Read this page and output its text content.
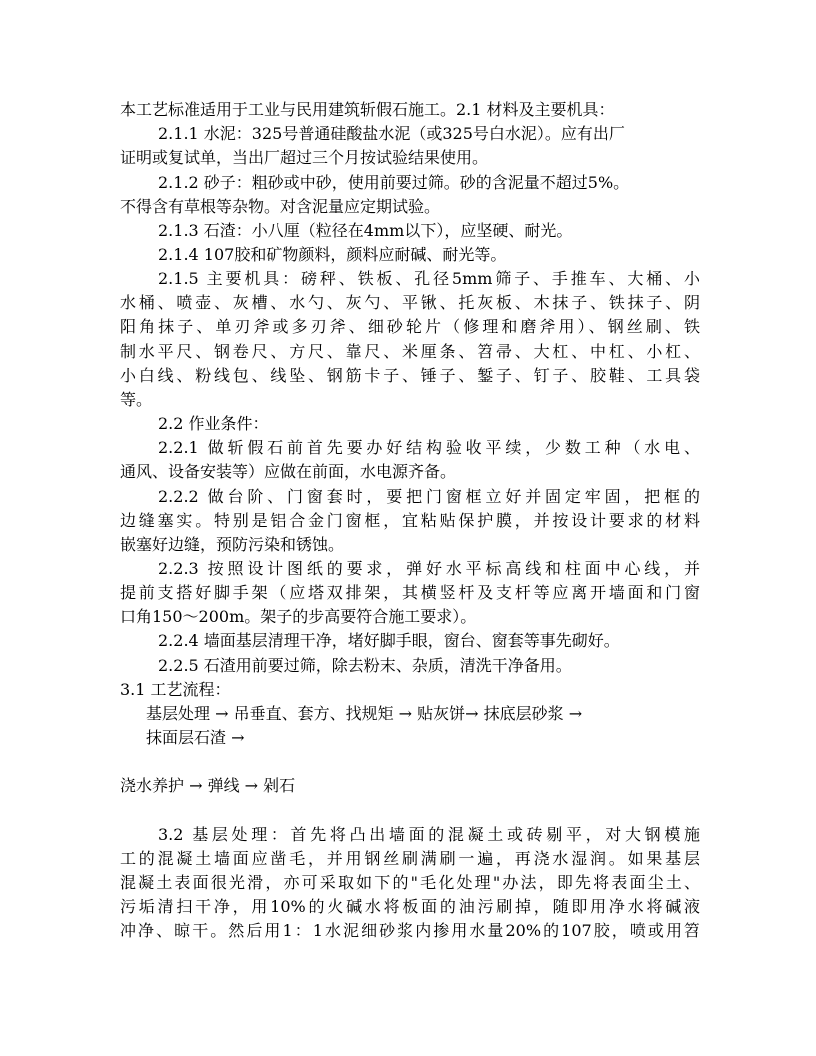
本工艺标准适用于工业与民用建筑斩假石施工。2.1 材料及主要机具：
2.1.1 水泥：325号普通硅酸盐水泥（或325号白水泥）。应有出厂
证明或复试单，当出厂超过三个月按试验结果使用。
2.1.2 砂子：粗砂或中砂，使用前要过筛。砂的含泥量不超过5%。
不得含有草根等杂物。对含泥量应定期试验。
2.1.3 石渣：小八厘（粒径在4mm以下），应坚硬、耐光。
2.1.4 107胶和矿物颜料，颜料应耐碱、耐光等。
2.1.5 主要机具：磅秤、铁板、孔径5mm筛子、手推车、大桶、小
水桶、喷壶、灰槽、水勺、灰勺、平锹、托灰板、木抹子、铁抹子、阴
阳角抹子、单刃斧或多刃斧、细砂轮片（修理和磨斧用）、钢丝刷、铁
制水平尺、钢卷尺、方尺、靠尺、米厘条、笤帚、大杠、中杠、小杠、
小白线、粉线包、线坠、钢筋卡子、锤子、錾子、钉子、胶鞋、工具袋
等。
2.2 作业条件：
2.2.1 做斩假石前首先要办好结构验收平续，少数工种（水电、
通风、设备安装等）应做在前面，水电源齐备。
2.2.2 做台阶、门窗套时，要把门窗框立好并固定牢固，把框的
边缝塞实。特别是铝合金门窗框，宜粘贴保护膜，并按设计要求的材料
嵌塞好边缝，预防污染和锈蚀。
2.2.3 按照设计图纸的要求，弹好水平标高线和柱面中心线，并
提前支搭好脚手架（应塔双排架，其横竖杆及支杆等应离开墙面和门窗
口角150～200m。架子的步高要符合施工要求）。
2.2.4 墙面基层清理干净，堵好脚手眼，窗台、窗套等事先砌好。
2.2.5 石渣用前要过筛，除去粉末、杂质，清洗干净备用。
3.1 工艺流程：
基层处理 → 吊垂直、套方、找规矩 → 贴灰饼→ 抹底层砂浆 →
抹面层石渣 →
浇水养护 → 弹线 → 剁石
3.2 基层处理：首先将凸出墙面的混凝土或砖剔平，对大钢模施
工的混凝土墙面应凿毛，并用钢丝刷满刷一遍，再浇水湿润。如果基层
混凝土表面很光滑，亦可采取如下的"毛化处理"办法，即先将表面尘土、
污垢清扫干净，用10%的火碱水将板面的油污刷掉，随即用净水将碱液
冲净、晾干。然后用1：1水泥细砂浆内掺用水量20%的107胶，喷或用笤
